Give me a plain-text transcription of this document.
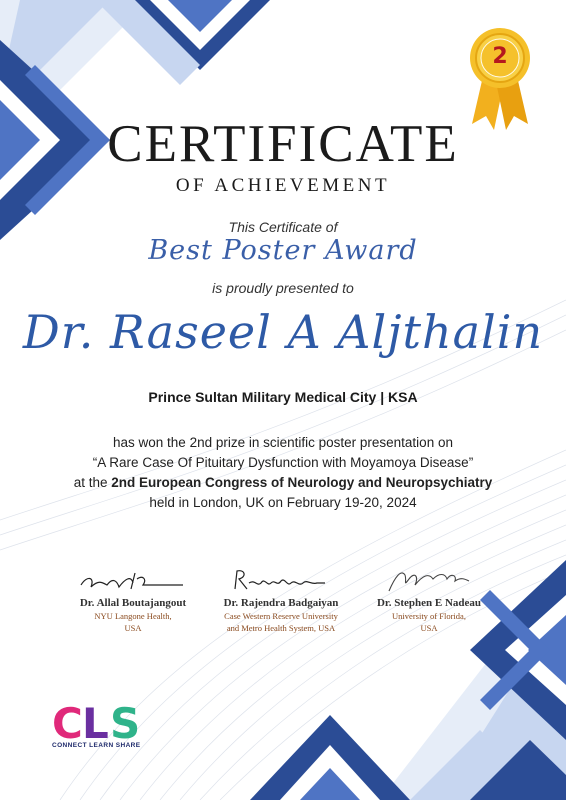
2
CERTIFICATE
OF ACHIEVEMENT
This Certificate of
Best Poster Award
is proudly presented to
Dr. Raseel A Aljthalin
Prince Sultan Military Medical City | KSA
has won the 2nd prize in scientific poster presentation on
“A Rare Case Of Pituitary Dysfunction with Moyamoya Disease”
at the 2nd European Congress of Neurology and Neuropsychiatry
held in London, UK on February 19-20, 2024
Dr. Allal Boutajangout
NYU Langone Health,
USA
Dr. Rajendra Badgaiyan
Case Western Reserve University
and Metro Health System, USA
Dr. Stephen E Nadeau
University of Florida,
USA
C L S
CONNECT LEARN SHARE
